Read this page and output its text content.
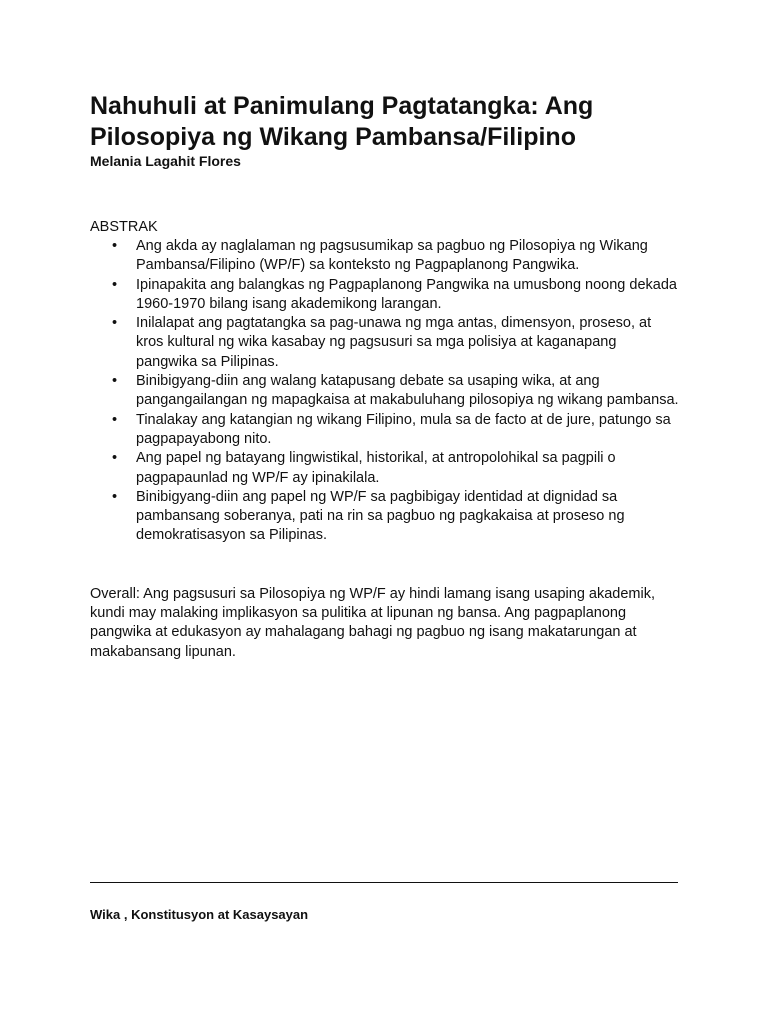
Nahuhuli at Panimulang Pagtatangka: Ang Pilosopiya ng Wikang Pambansa/Filipino

Melania Lagahit Flores

ABSTRAK

• Ang akda ay naglalaman ng pagsusumikap sa pagbuo ng Pilosopiya ng Wikang Pambansa/Filipino (WP/F) sa konteksto ng Pagpaplanong Pangwika.
• Ipinapakita ang balangkas ng Pagpaplanong Pangwika na umusbong noong dekada 1960-1970 bilang isang akademikong larangan.
• Inilalapat ang pagtatangka sa pag-unawa ng mga antas, dimensyon, proseso, at kros kultural ng wika kasabay ng pagsusuri sa mga polisiya at kaganapang pangwika sa Pilipinas.
• Binibigyang-diin ang walang katapusang debate sa usaping wika, at ang pangangailangan ng mapagkaisa at makabuluhang pilosopiya ng wikang pambansa.
• Tinalakay ang katangian ng wikang Filipino, mula sa de facto at de jure, patungo sa pagpapayabong nito.
• Ang papel ng batayang lingwistikal, historikal, at antropolohikal sa pagpili o pagpapaunlad ng WP/F ay ipinakilala.
• Binibigyang-diin ang papel ng WP/F sa pagbibigay identidad at dignidad sa pambansang soberanya, pati na rin sa pagbuo ng pagkakaisa at proseso ng demokratisasyon sa Pilipinas.

Overall: Ang pagsusuri sa Pilosopiya ng WP/F ay hindi lamang isang usaping akademik, kundi may malaking implikasyon sa pulitika at lipunan ng bansa. Ang pagpaplanong pangwika at edukasyon ay mahalagang bahagi ng pagbuo ng isang makatarungan at makabansang lipunan.

Wika , Konstitusyon at Kasaysayan
